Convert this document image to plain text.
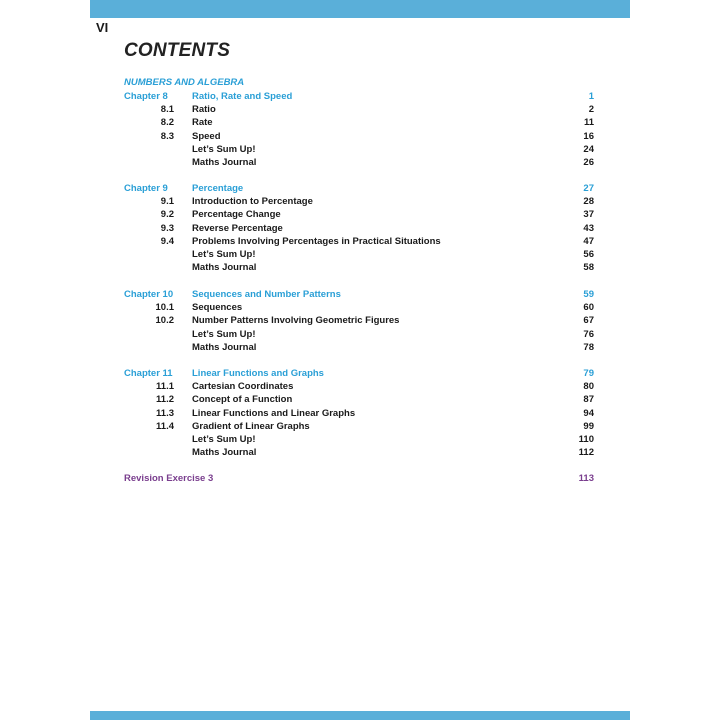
VI
CONTENTS
NUMBERS AND ALGEBRA
Chapter 8	Ratio, Rate and Speed	1
8.1 Ratio	2
8.2 Rate	11
8.3 Speed	16
Let’s Sum Up!	24
Maths Journal	26
Chapter 9	Percentage	27
9.1 Introduction to Percentage	28
9.2 Percentage Change	37
9.3 Reverse Percentage	43
9.4 Problems Involving Percentages in Practical Situations	47
Let’s Sum Up!	56
Maths Journal	58
Chapter 10 Sequences and Number Patterns	59
10.1 Sequences	60
10.2 Number Patterns Involving Geometric Figures	67
Let’s Sum Up!	76
Maths Journal	78
Chapter 11 Linear Functions and Graphs	79
11.1 Cartesian Coordinates	80
11.2 Concept of a Function	87
11.3 Linear Functions and Linear Graphs	94
11.4 Gradient of Linear Graphs	99
Let’s Sum Up!	110
Maths Journal	112
Revision Exercise 3	113
